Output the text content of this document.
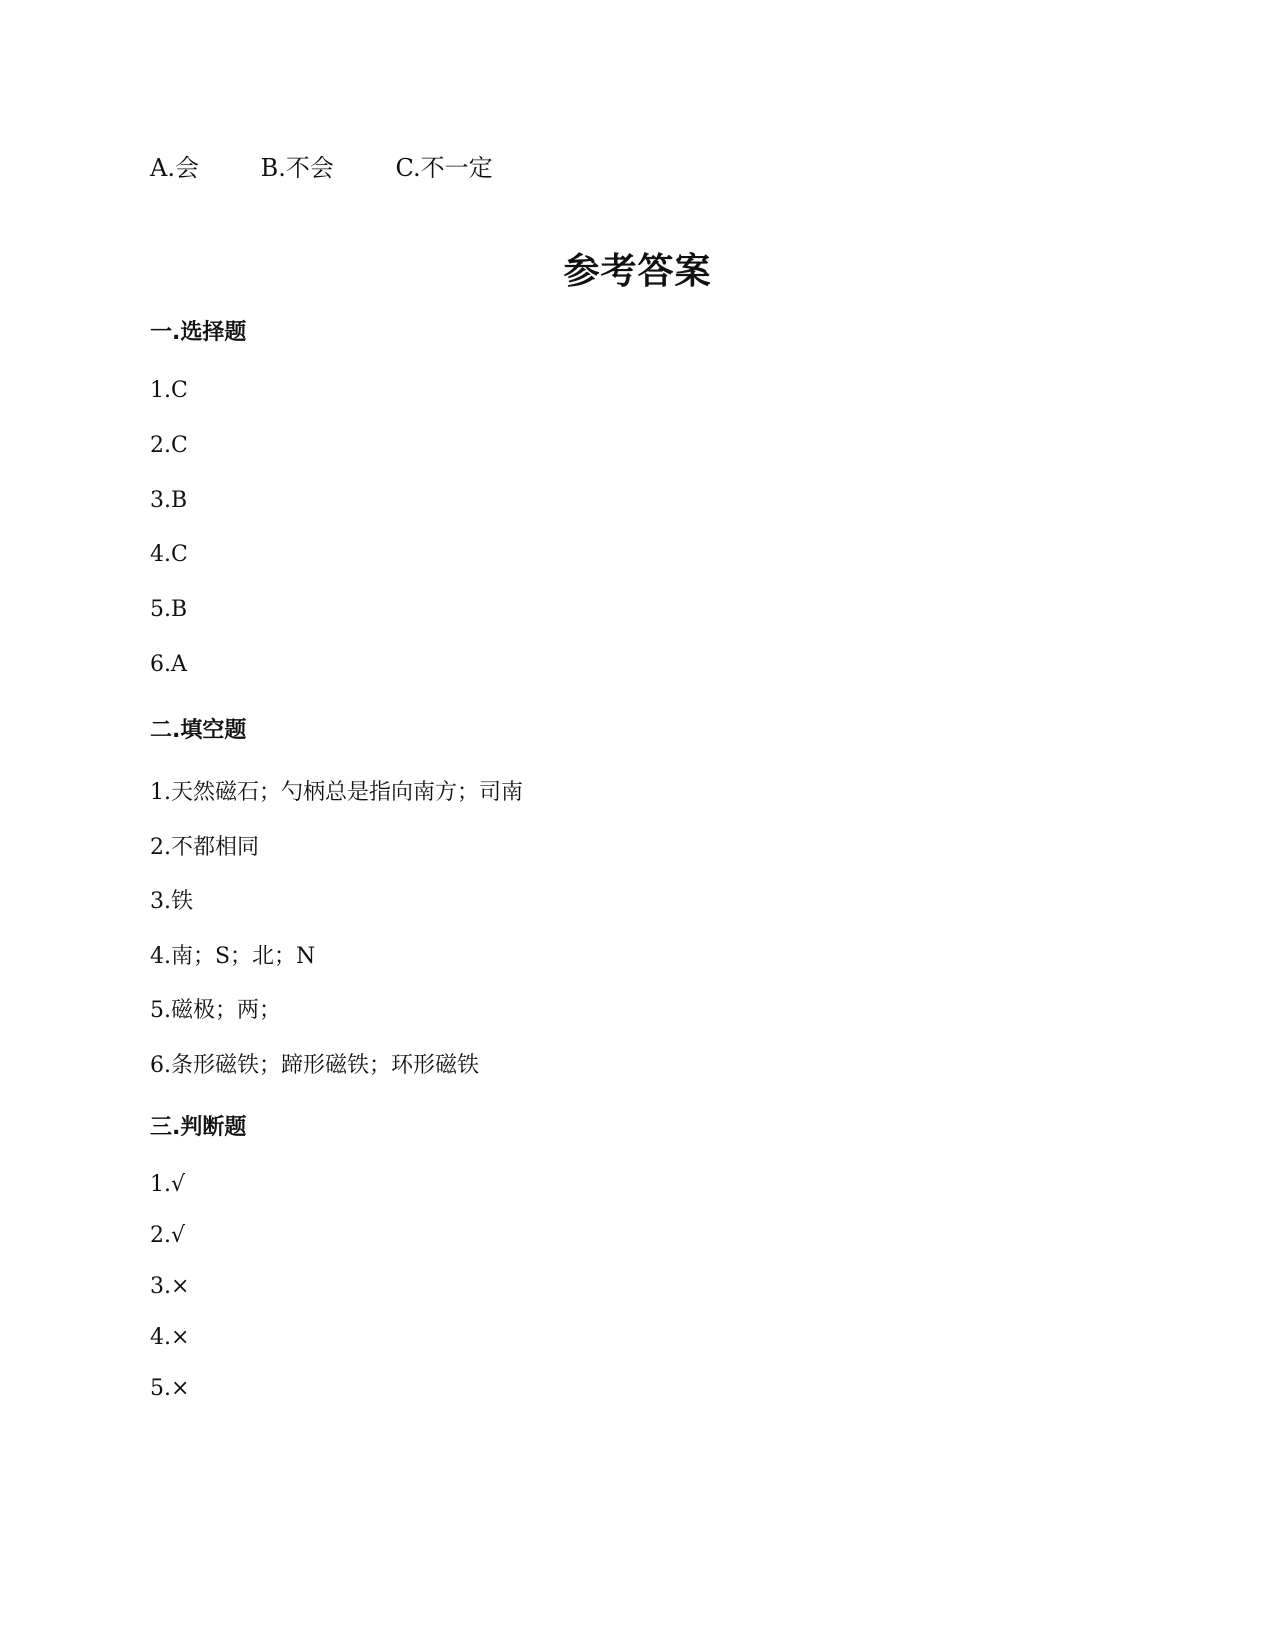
A.会	B.不会	C.不一定
参考答案
一.选择题
1.C
2.C
3.B
4.C
5.B
6.A
二.填空题
1.天然磁石；勺柄总是指向南方；司南
2.不都相同
3.铁
4.南；S；北；N
5.磁极；两；
6.条形磁铁；蹄形磁铁；环形磁铁
三.判断题
1.√
2.√
3.×
4.×
5.×
